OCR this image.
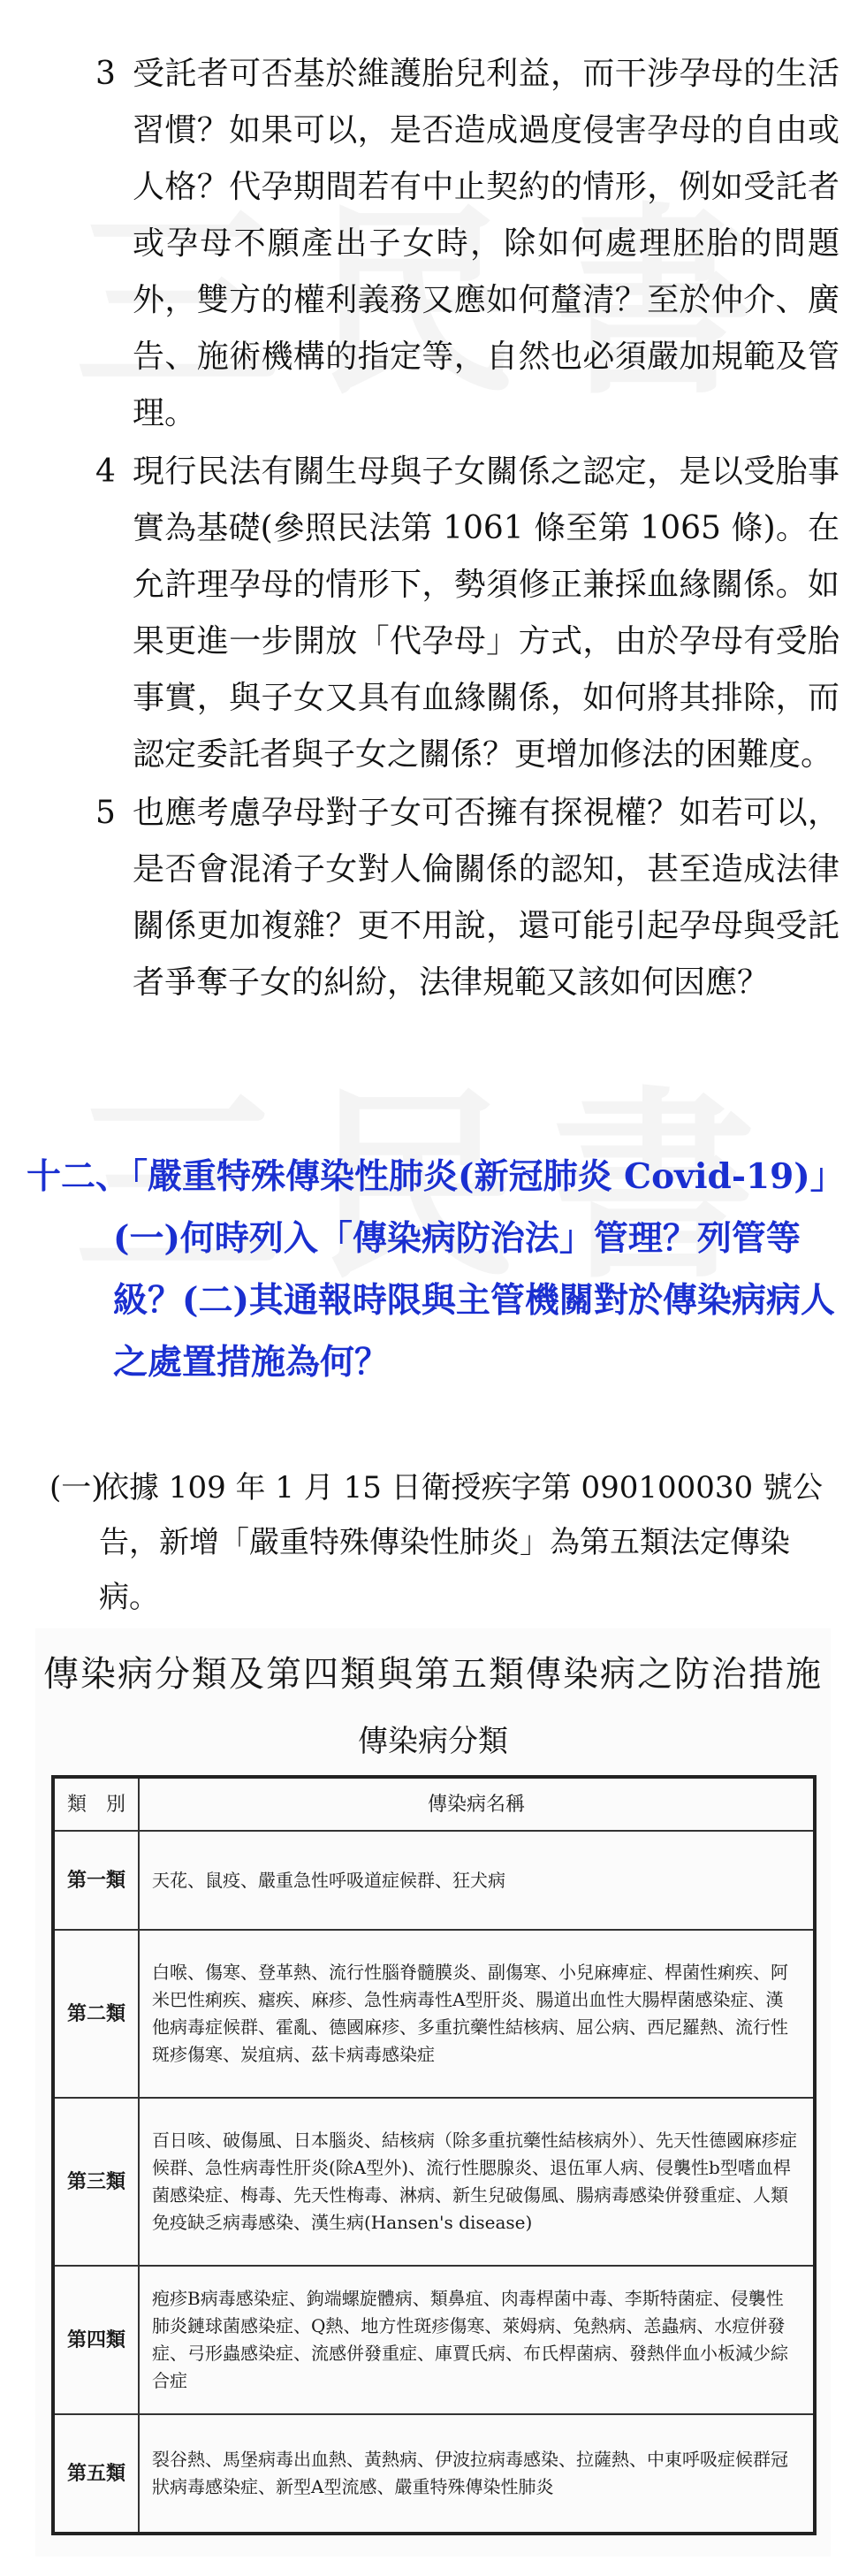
3 受託者可否基於維護胎兒利益，而干涉孕母的生活習慣？如果可以，是否造成過度侵害孕母的自由或人格？代孕期間若有中止契約的情形，例如受託者或孕母不願產出子女時，除如何處理胚胎的問題外，雙方的權利義務又應如何釐清？至於仲介、廣告、施術機構的指定等，自然也必須嚴加規範及管理。
4 現行民法有關生母與子女關係之認定，是以受胎事實為基礎(參照民法第 1061 條至第 1065 條)。在允許理孕母的情形下，勢須修正兼採血緣關係。如果更進一步開放「代孕母」方式，由於孕母有受胎事實，與子女又具有血緣關係，如何將其排除，而認定委託者與子女之關係？更增加修法的困難度。
5 也應考慮孕母對子女可否擁有探視權？如若可以，是否會混淆子女對人倫關係的認知，甚至造成法律關係更加複雜？更不用說，還可能引起孕母與受託者爭奪子女的糾紛，法律規範又該如何因應？
十二、
「嚴重特殊傳染性肺炎(新冠肺炎 Covid-19)」(一)何時列入「傳染病防治法」管理？列管等級？(二)其通報時限與主管機關對於傳染病病人之處置措施為何？
(一)
依據 109 年 1 月 15 日衛授疾字第 090100030 號公告，新增「嚴重特殊傳染性肺炎」為第五類法定傳染病。
傳染病分類及第四類與第五類傳染病之防治措施
傳染病分類
類　別	傳染病名稱
第一類	天花、鼠疫、嚴重急性呼吸道症候群、狂犬病
第二類	白喉、傷寒、登革熱、流行性腦脊髓膜炎、副傷寒、小兒麻痺症、桿菌性痢疾、阿米巴性痢疾、瘧疾、麻疹、急性病毒性A型肝炎、腸道出血性大腸桿菌感染症、漢他病毒症候群、霍亂、德國麻疹、多重抗藥性結核病、屈公病、西尼羅熱、流行性斑疹傷寒、炭疽病、茲卡病毒感染症
第三類	百日咳、破傷風、日本腦炎、結核病（除多重抗藥性結核病外）、先天性德國麻疹症候群、急性病毒性肝炎(除A型外)、流行性腮腺炎、退伍軍人病、侵襲性b型嗜血桿菌感染症、梅毒、先天性梅毒、淋病、新生兒破傷風、腸病毒感染併發重症、人類免疫缺乏病毒感染、漢生病(Hansen's disease)
第四類	疱疹B病毒感染症、鉤端螺旋體病、類鼻疽、肉毒桿菌中毒、李斯特菌症、侵襲性肺炎鏈球菌感染症、Q熱、地方性斑疹傷寒、萊姆病、兔熱病、恙蟲病、水痘併發症、弓形蟲感染症、流感併發重症、庫賈氏病、布氏桿菌病、發熱伴血小板減少綜合症
第五類	裂谷熱、馬堡病毒出血熱、黃熱病、伊波拉病毒感染、拉薩熱、中東呼吸症候群冠狀病毒感染症、新型A型流感、嚴重特殊傳染性肺炎
